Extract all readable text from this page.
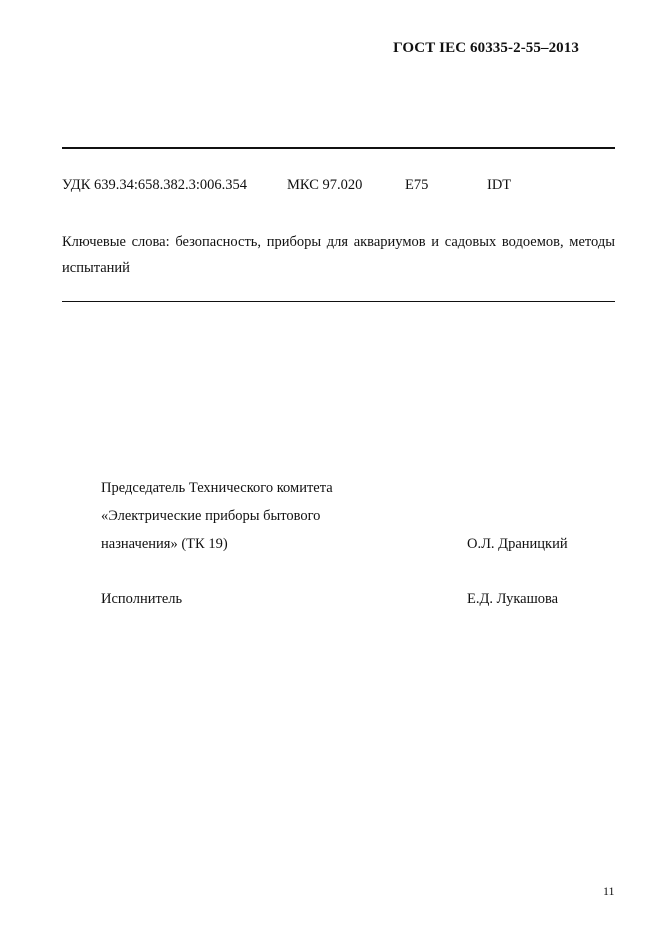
ГОСТ IEC 60335-2-55–2013
УДК 639.34:658.382.3:006.354	МКС 97.020	E75	IDT
Ключевые слова: безопасность, приборы для аквариумов и садовых водоемов, методы испытаний
Председатель Технического комитета
«Электрические приборы бытового
назначения» (ТК 19)	О.Л. Драницкий
Исполнитель	Е.Д. Лукашова
11
